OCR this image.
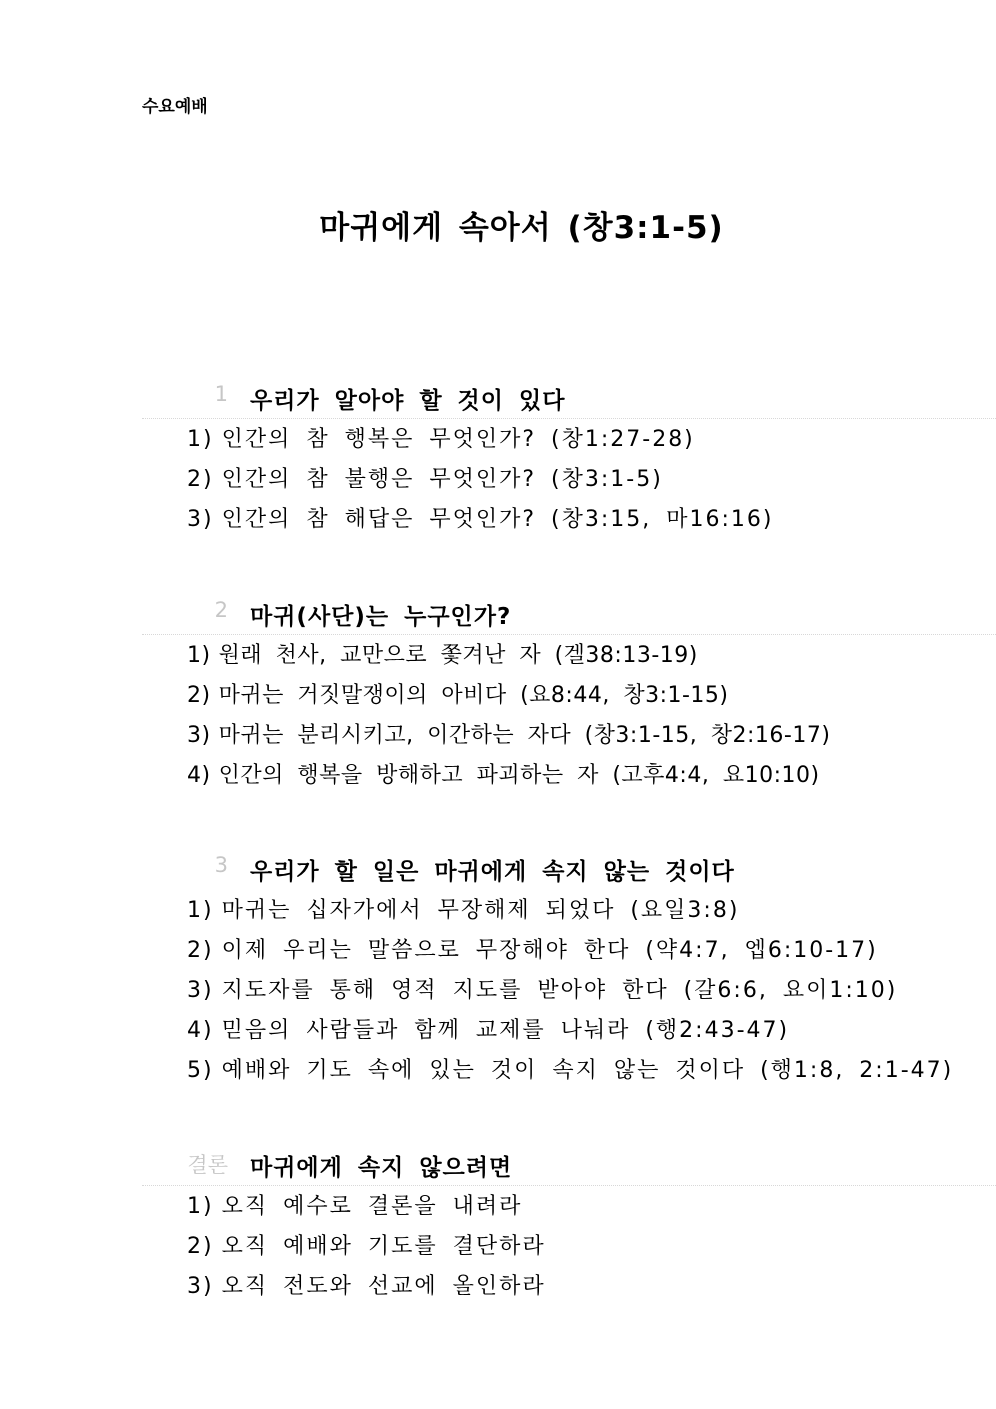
수요예배
마귀에게 속아서 (창3:1-5)
1 우리가 알아야 할 것이 있다
1) 인간의 참 행복은 무엇인가? (창1:27-28)
2) 인간의 참 불행은 무엇인가? (창3:1-5)
3) 인간의 참 해답은 무엇인가? (창3:15, 마16:16)
2 마귀(사단)는 누구인가?
1) 원래 천사, 교만으로 쫓겨난 자 (겔38:13-19)
2) 마귀는 거짓말쟁이의 아비다 (요8:44, 창3:1-15)
3) 마귀는 분리시키고, 이간하는 자다 (창3:1-15, 창2:16-17)
4) 인간의 행복을 방해하고 파괴하는 자 (고후4:4, 요10:10)
3 우리가 할 일은 마귀에게 속지 않는 것이다
1) 마귀는 십자가에서 무장해제 되었다 (요일3:8)
2) 이제 우리는 말씀으로 무장해야 한다 (약4:7, 엡6:10-17)
3) 지도자를 통해 영적 지도를 받아야 한다 (갈6:6, 요이1:10)
4) 믿음의 사람들과 함께 교제를 나눠라 (행2:43-47)
5) 예배와 기도 속에 있는 것이 속지 않는 것이다 (행1:8, 2:1-47)
결론 마귀에게 속지 않으려면
1) 오직 예수로 결론을 내려라
2) 오직 예배와 기도를 결단하라
3) 오직 전도와 선교에 올인하라
